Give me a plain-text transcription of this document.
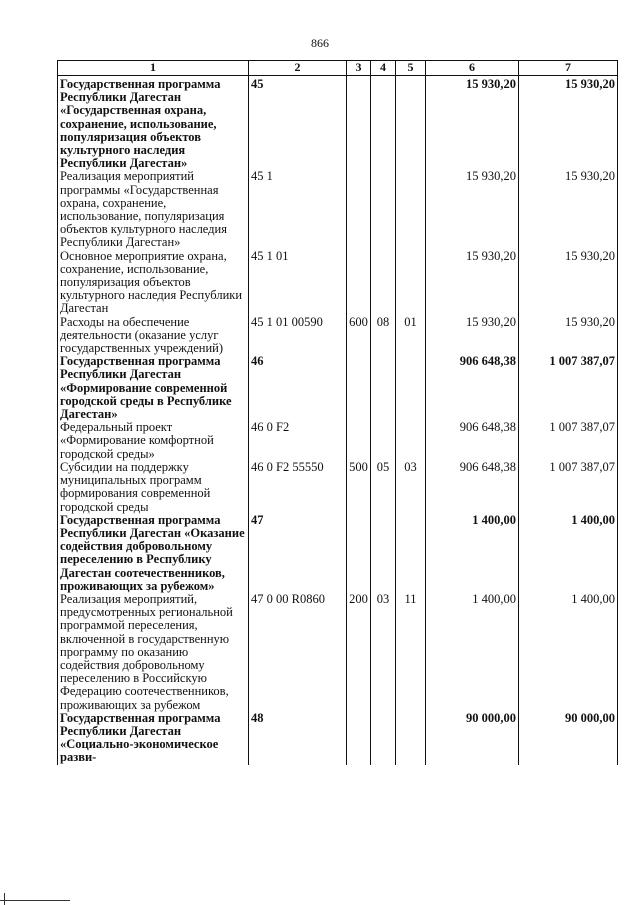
866
1	2	3	4	5	6	7
Государственная программа Республики Дагестан «Государственная охрана, сохранение, использование, популяризация объектов культурного наследия Республики Дагестан»	45				15 930,20	15 930,20
Реализация мероприятий программы «Государственная охрана, сохранение, использование, популяризация объектов культурного наследия Республики Дагестан»	45 1				15 930,20	15 930,20
Основное мероприятие охрана, сохранение, использование, популяризация объектов культурного наследия Республики Дагестан	45 1 01				15 930,20	15 930,20
Расходы на обеспечение деятельности (оказание услуг государственных учреждений)	45 1 01 00590	600	08	01	15 930,20	15 930,20
Государственная программа Республики Дагестан «Формирование современной городской среды в Республике Дагестан»	46				906 648,38	1 007 387,07
Федеральный проект «Формирование комфортной городской среды»	46 0 F2				906 648,38	1 007 387,07
Субсидии на поддержку муниципальных программ формирования современной городской среды	46 0 F2 55550	500	05	03	906 648,38	1 007 387,07
Государственная программа Республики Дагестан «Оказание содействия добровольному переселению в Республику Дагестан соотечественников, проживающих за рубежом»	47				1 400,00	1 400,00
Реализация мероприятий, предусмотренных региональной программой переселения, включенной в государственную программу по оказанию содействия добровольному переселению в Российскую Федерацию соотечественников, проживающих за рубежом	47 0 00 R0860	200	03	11	1 400,00	1 400,00
Государственная программа Республики Дагестан «Социально-экономическое разви-	48				90 000,00	90 000,00
